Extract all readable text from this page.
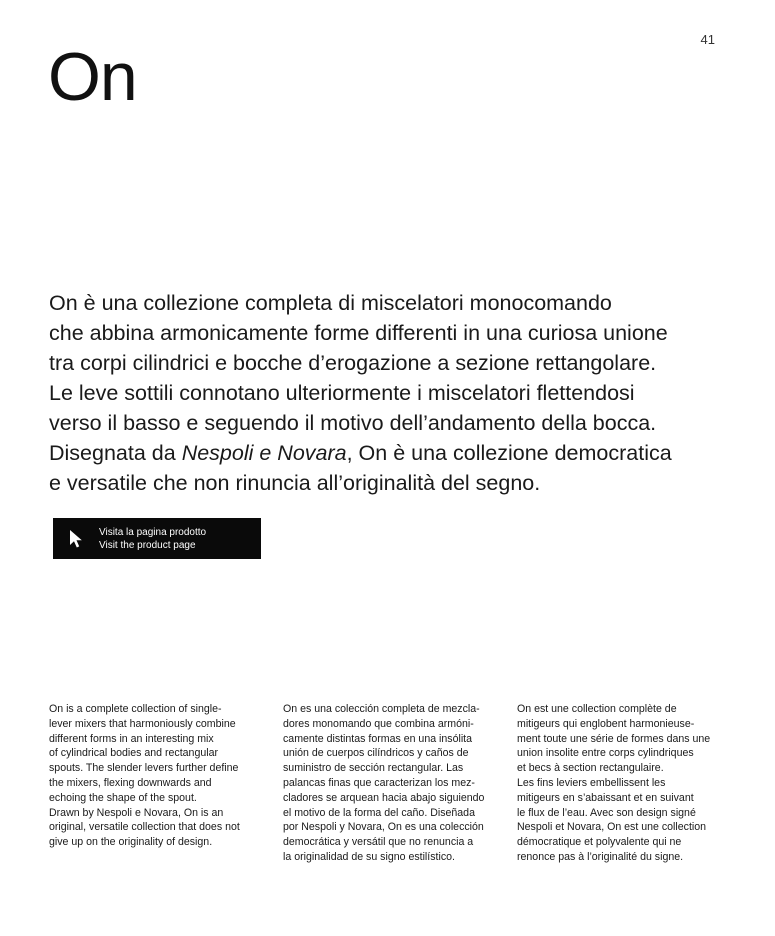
41
On

On è una collezione completa di miscelatori monocomando
che abbina armonicamente forme differenti in una curiosa unione
tra corpi cilindrici e bocche d’erogazione a sezione rettangolare.
Le leve sottili connotano ulteriormente i miscelatori flettendosi
verso il basso e seguendo il motivo dell’andamento della bocca.
Disegnata da Nespoli e Novara, On è una collezione democratica
e versatile che non rinuncia all’originalità del segno.

Visita la pagina prodotto
Visit the product page
On is a complete collection of single-
lever mixers that harmoniously combine
different forms in an interesting mix
of cylindrical bodies and rectangular
spouts. The slender levers further define
the mixers, flexing downwards and
echoing the shape of the spout.
Drawn by Nespoli e Novara, On is an
original, versatile collection that does not
give up on the originality of design.
On es una colección completa de mezcla-
dores monomando que combina armóni-
camente distintas formas en una insólita
unión de cuerpos cilíndricos y caños de
suministro de sección rectangular. Las
palancas finas que caracterizan los mez-
cladores se arquean hacia abajo siguiendo
el motivo de la forma del caño. Diseñada
por Nespoli y Novara, On es una colección
democrática y versátil que no renuncia a
la originalidad de su signo estilístico.
On est une collection complète de
mitigeurs qui englobent harmonieuse-
ment toute une série de formes dans une
union insolite entre corps cylindriques
et becs à section rectangulaire.
Les fins leviers embellissent les
mitigeurs en s’abaissant et en suivant
le flux de l’eau. Avec son design signé
Nespoli et Novara, On est une collection
démocratique et polyvalente qui ne
renonce pas à l’originalité du signe.
